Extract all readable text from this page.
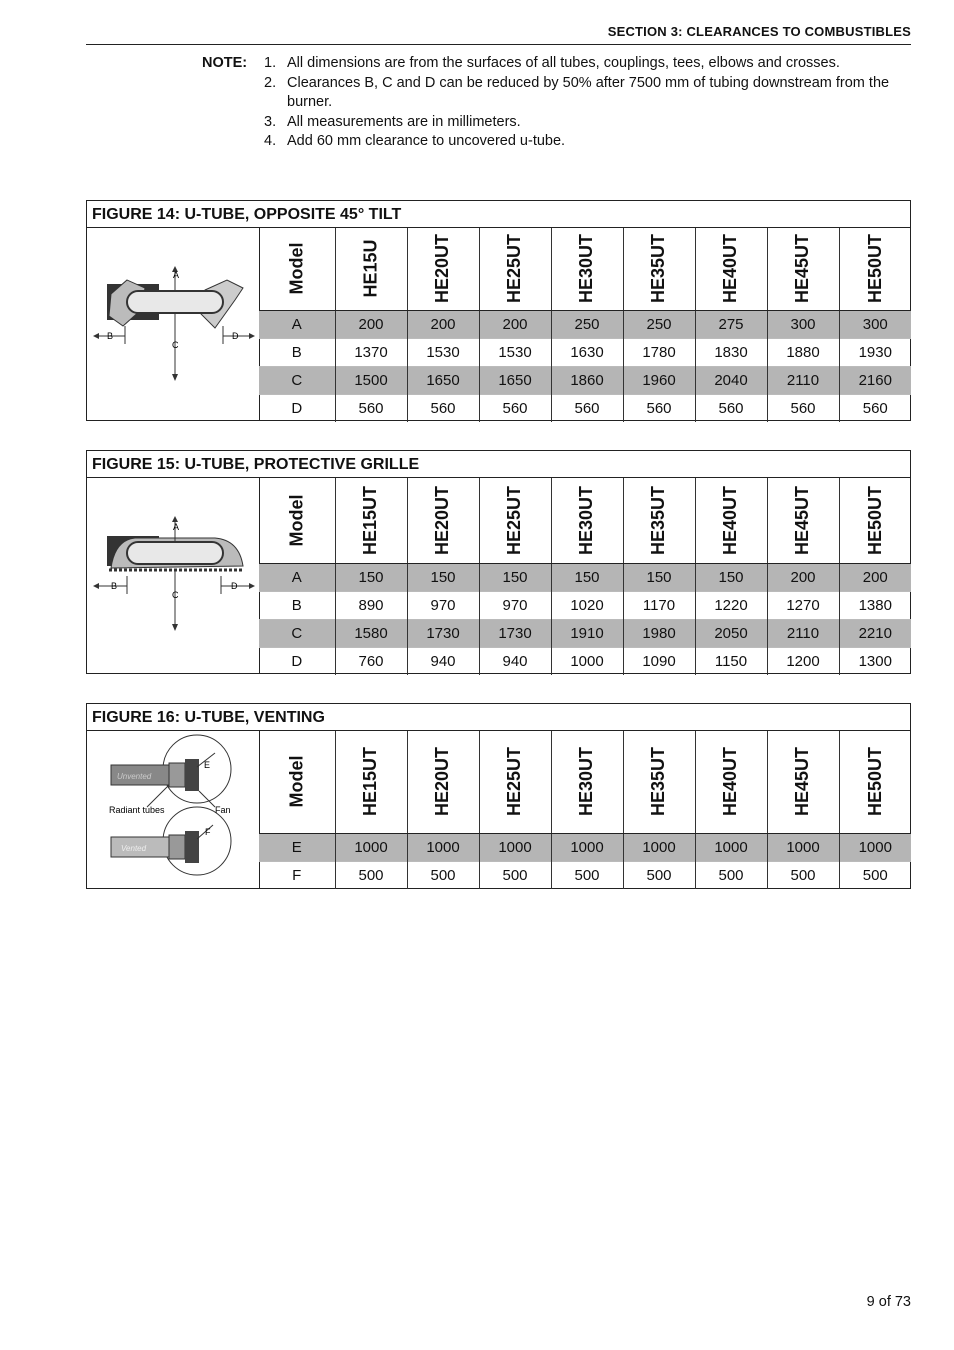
SECTION 3: CLEARANCES TO COMBUSTIBLES
NOTE: 1. All dimensions are from the surfaces of all tubes, couplings, tees, elbows and crosses.
2. Clearances B, C and D can be reduced by 50% after 7500 mm of tubing downstream from the burner.
3. All measurements are in millimeters.
4. Add 60 mm clearance to uncovered u-tube.
FIGURE 14: U-TUBE, OPPOSITE 45° TILT
A
B	D
C
Model	HE15U	HE20UT	HE25UT	HE30UT	HE35UT	HE40UT	HE45UT	HE50UT
A	200	200	200	250	250	275	300	300
B	1370	1530	1530	1630	1780	1830	1880	1930
C	1500	1650	1650	1860	1960	2040	2110	2160
D	560	560	560	560	560	560	560	560
FIGURE 15: U-TUBE, PROTECTIVE GRILLE
A
B	D
C
Model	HE15UT	HE20UT	HE25UT	HE30UT	HE35UT	HE40UT	HE45UT	HE50UT
A	150	150	150	150	150	150	200	200
B	890	970	970	1020	1170	1220	1270	1380
C	1580	1730	1730	1910	1980	2050	2110	2210
D	760	940	940	1000	1090	1150	1200	1300
FIGURE 16: U-TUBE, VENTING
Unvented
E
Radiant tubes	Fan
Vented
F
Model	HE15UT	HE20UT	HE25UT	HE30UT	HE35UT	HE40UT	HE45UT	HE50UT
E	1000	1000	1000	1000	1000	1000	1000	1000
F	500	500	500	500	500	500	500	500
9 of 73
